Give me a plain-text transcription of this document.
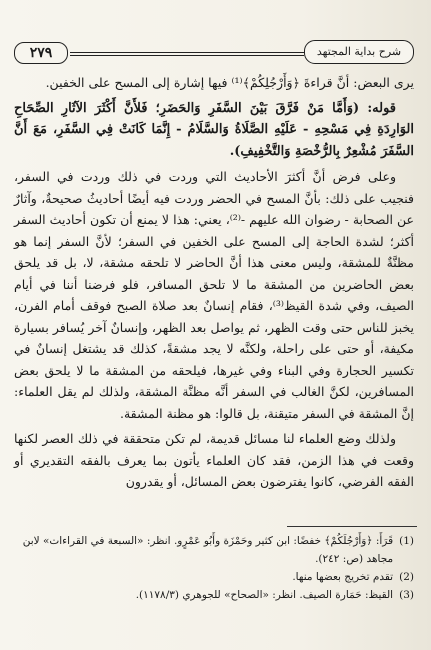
٢٧٩	شرح بداية المجتهد

يرى البعض: أنَّ قراءةَ ﴿وَأَرْجُلِكُمْ﴾⁽¹⁾ فيها إشارة إلى المسح على الخفين.

قوله: (وَأَمَّا مَنْ فَرَّقَ بَيْنَ السَّفَرِ وَالحَضَرِ؛ فَلأَنَّ أَكْثَرَ الآثَارِ الصِّحَاحِ الوَارِدَةِ فِي مَسْحِهِ - عَلَيْهِ الصَّلَاةُ وَالسَّلَامُ - إِنَّمَا كَانَتْ فِي السَّفَرِ، مَعَ أَنَّ السَّفَرَ مُشْعِرٌ بِالرُّخْصَةِ وَالتَّخْفِيفِ).

وعلى فرض أنَّ أكثرَ الأحاديث التي وردت في ذلك وردت في السفر، فنجيب على ذلك: بأنَّ المسح في الحضر وردت فيه أيضًا أحاديثُ صحيحةٌ، وآثارٌ عن الصحابة - رضوان الله عليهم -⁽²⁾، يعني: هذا لا يمنع أن تكون أحاديث السفر أكثر؛ لشدة الحاجة إلى المسح على الخفين في السفر؛ لأنَّ السفر إنما هو مظنَّةٌ للمشقة، وليس معنى هذا أنَّ الحاضر لا تلحقه مشقة، لا، بل قد يلحق بعض الحاضرين من المشقة ما لا تلحق المسافر، فلو فرضنا أننا في أيام الصيف، وفي شدة القيظ⁽³⁾، فقام إنسانٌ بعد صلاة الصبح فوقف أمام الفرن، يخبز للناس حتى وقت الظهر، ثم يواصل بعد الظهر، وإنسانٌ آخر يُسافر بسيارة مكيفة، أو حتى على راحلة، ولكنَّه لا يجد مشقةً، كذلك قد يشتغل إنسانٌ في تكسير الحجارة وفي البناء وفي غيرها، فيلحقه من المشقة ما لا يلحق بعض المسافرين، لكنَّ الغالب في السفر أنَّه مظنَّة المشقة، ولذلك لم يقل العلماء: إنَّ المشقة في السفر متيقنة، بل قالوا: هو مظنة المشقة.

ولذلك وضع العلماء لنا مسائل قديمة، لم تكن متحققة في ذلك العصر لكنها وقعت في هذا الزمن، فقد كان العلماء يأتون بما يعرف بالفقه التقديري أو الفقه الفرضي، كانوا يفترضون بعض المسائل، أو يقدرون

(1)
قَرَأَ: ﴿وَأَرْجُلَكُمْ﴾ خفضًا: ابن كثير وحَمْزَة وأَبُو عَمْرٍو. انظر: «السبعة في القراءات» لابن مجاهد (ص: ٢٤٢).
(2)
تقدم تخريج بعضها منها.
(3)
القيظ: حَمَارة الصيف. انظر: «الصحاح» للجوهري (١١٧٨/٣).
